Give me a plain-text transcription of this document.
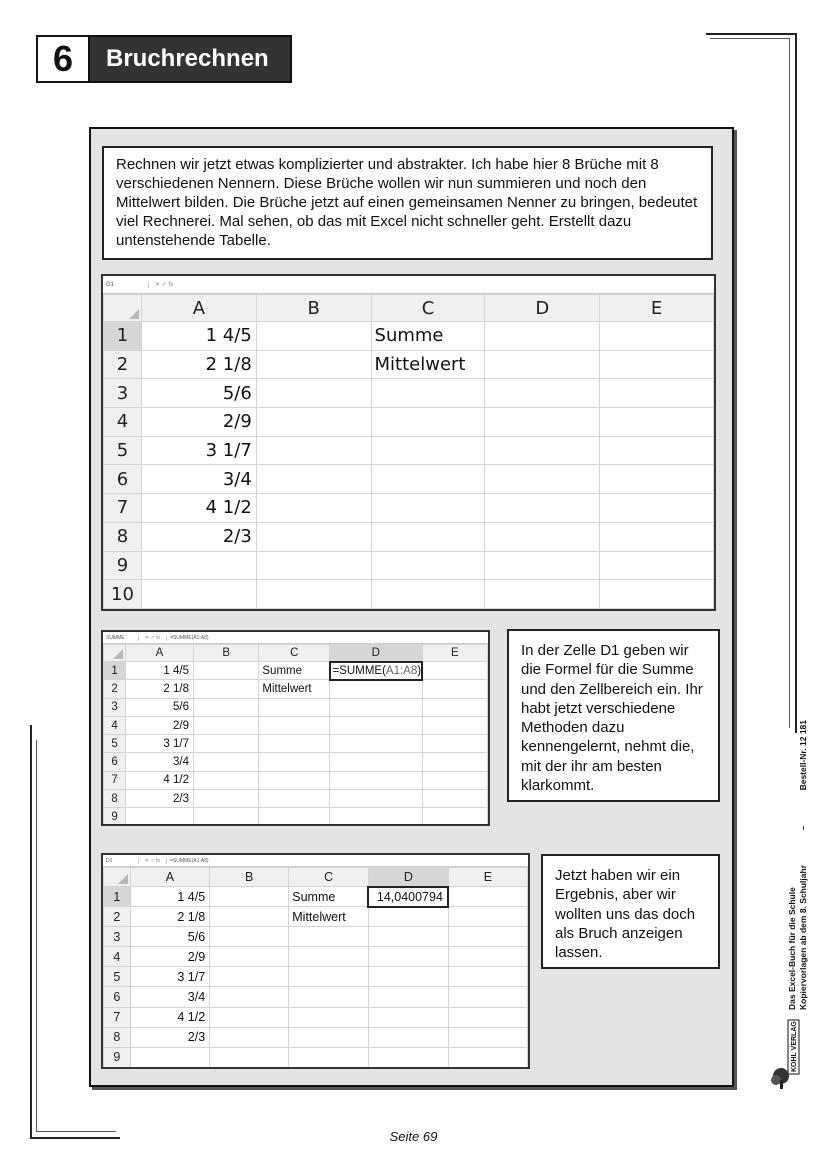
6	Bruchrechnen
Rechnen wir jetzt etwas komplizierter und abstrakter. Ich habe hier 8 Brüche mit 8 verschiedenen Nennern. Diese Brüche wollen wir nun summieren und noch den Mittelwert bilden. Die Brüche jetzt auf einen gemeinsamen Nenner zu bringen, bedeutet viel Rechnerei. Mal sehen, ob das mit Excel nicht schneller geht. Erstellt dazu untenstehende Tabelle.
G1	✕ ✓ fx
	A	B	C	D	E
1	1 4/5		Summe		
2	2 1/8		Mittelwert		
3	5/6				
4	2/9				
5	3 1/7				
6	3/4				
7	4 1/2				
8	2/3				
9					
10					
SUMME	✕ ✓ fx	=SUMME(A1:A8)
	A	B	C	D	E
1	1 4/5		Summe	=SUMME(A1:A8)	
2	2 1/8		Mittelwert		
3	5/6				
4	2/9				
5	3 1/7				
6	3/4				
7	4 1/2				
8	2/3				
9					
In der Zelle D1 geben wir die Formel für die Summe und den Zellbereich ein. Ihr habt jetzt verschiedene Methoden dazu kennengelernt, nehmt die, mit der ihr am besten klarkommt.
D1	✕ ✓ fx	=SUMME(A1:A8)
	A	B	C	D	E
1	1 4/5		Summe	14,0400794	
2	2 1/8		Mittelwert		
3	5/6				
4	2/9				
5	3 1/7				
6	3/4				
7	4 1/2				
8	2/3				
9					
Jetzt haben wir ein Ergebnis, aber wir wollten uns das doch als Bruch anzeigen lassen.	Das Excel-Buch für die Schule Kopiervorlagen ab dem 8. Schuljahr
–
Bestell-Nr. 12 181
KOHL VERLAG
Seite 69
